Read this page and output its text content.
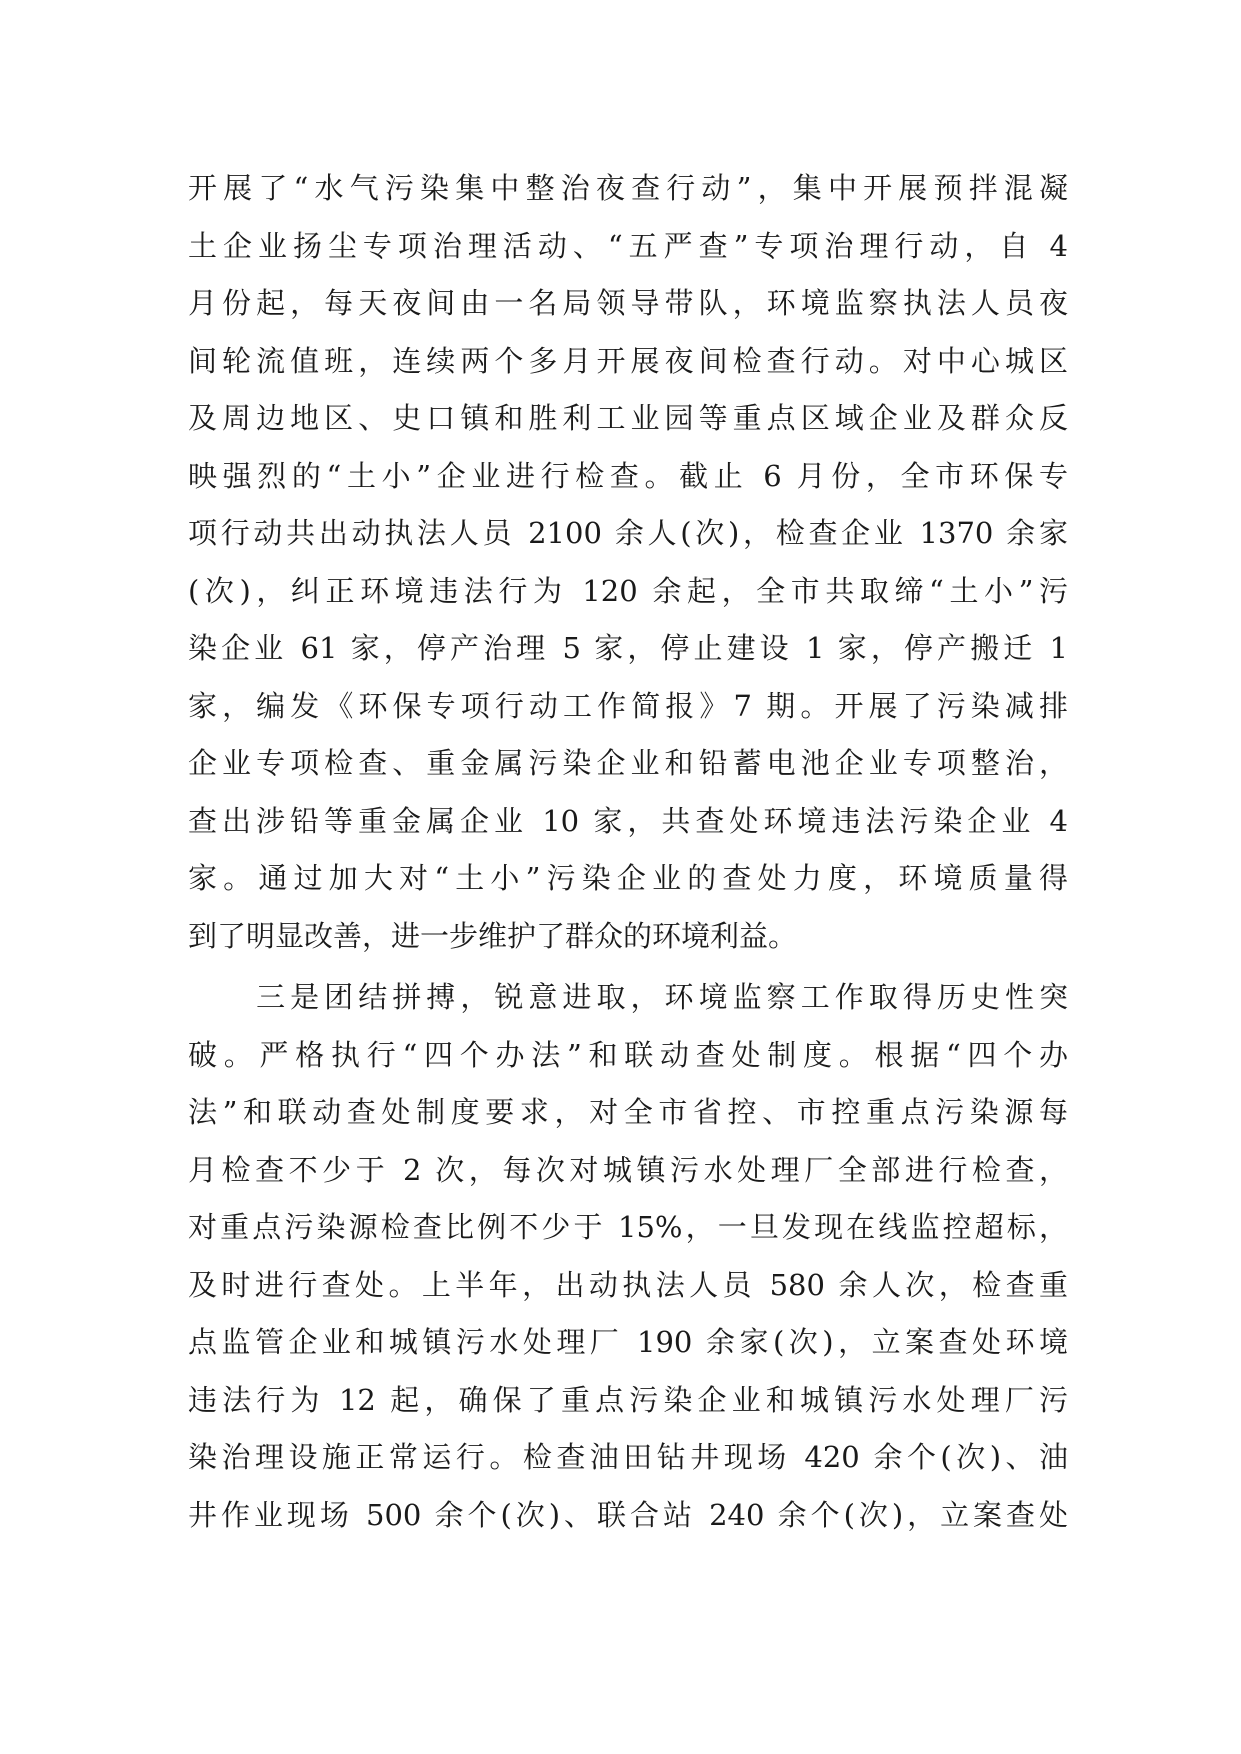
开展了“水气污染集中整治夜查行动”，集中开展预拌混凝
土企业扬尘专项治理活动、“五严查”专项治理行动，自 4
月份起，每天夜间由一名局领导带队，环境监察执法人员夜
间轮流值班，连续两个多月开展夜间检查行动。对中心城区
及周边地区、史口镇和胜利工业园等重点区域企业及群众反
映强烈的“土小”企业进行检查。截止 6 月份，全市环保专
项行动共出动执法人员 2100 余人(次)，检查企业 1370 余家
(次)，纠正环境违法行为 120 余起，全市共取缔“土小”污
染企业 61 家，停产治理 5 家，停止建设 1 家，停产搬迁 1
家，编发《环保专项行动工作简报》7 期。开展了污染减排
企业专项检查、重金属污染企业和铅蓄电池企业专项整治，
查出涉铅等重金属企业 10 家，共查处环境违法污染企业 4
家。通过加大对“土小”污染企业的查处力度，环境质量得
到了明显改善，进一步维护了群众的环境利益。
　　三是团结拼搏，锐意进取，环境监察工作取得历史性突
破。严格执行“四个办法”和联动查处制度。根据“四个办
法”和联动查处制度要求，对全市省控、市控重点污染源每
月检查不少于 2 次，每次对城镇污水处理厂全部进行检查，
对重点污染源检查比例不少于 15%，一旦发现在线监控超标，
及时进行查处。上半年，出动执法人员 580 余人次，检查重
点监管企业和城镇污水处理厂 190 余家(次)，立案查处环境
违法行为 12 起，确保了重点污染企业和城镇污水处理厂污
染治理设施正常运行。检查油田钻井现场 420 余个(次)、油
井作业现场 500 余个(次)、联合站 240 余个(次)，立案查处
